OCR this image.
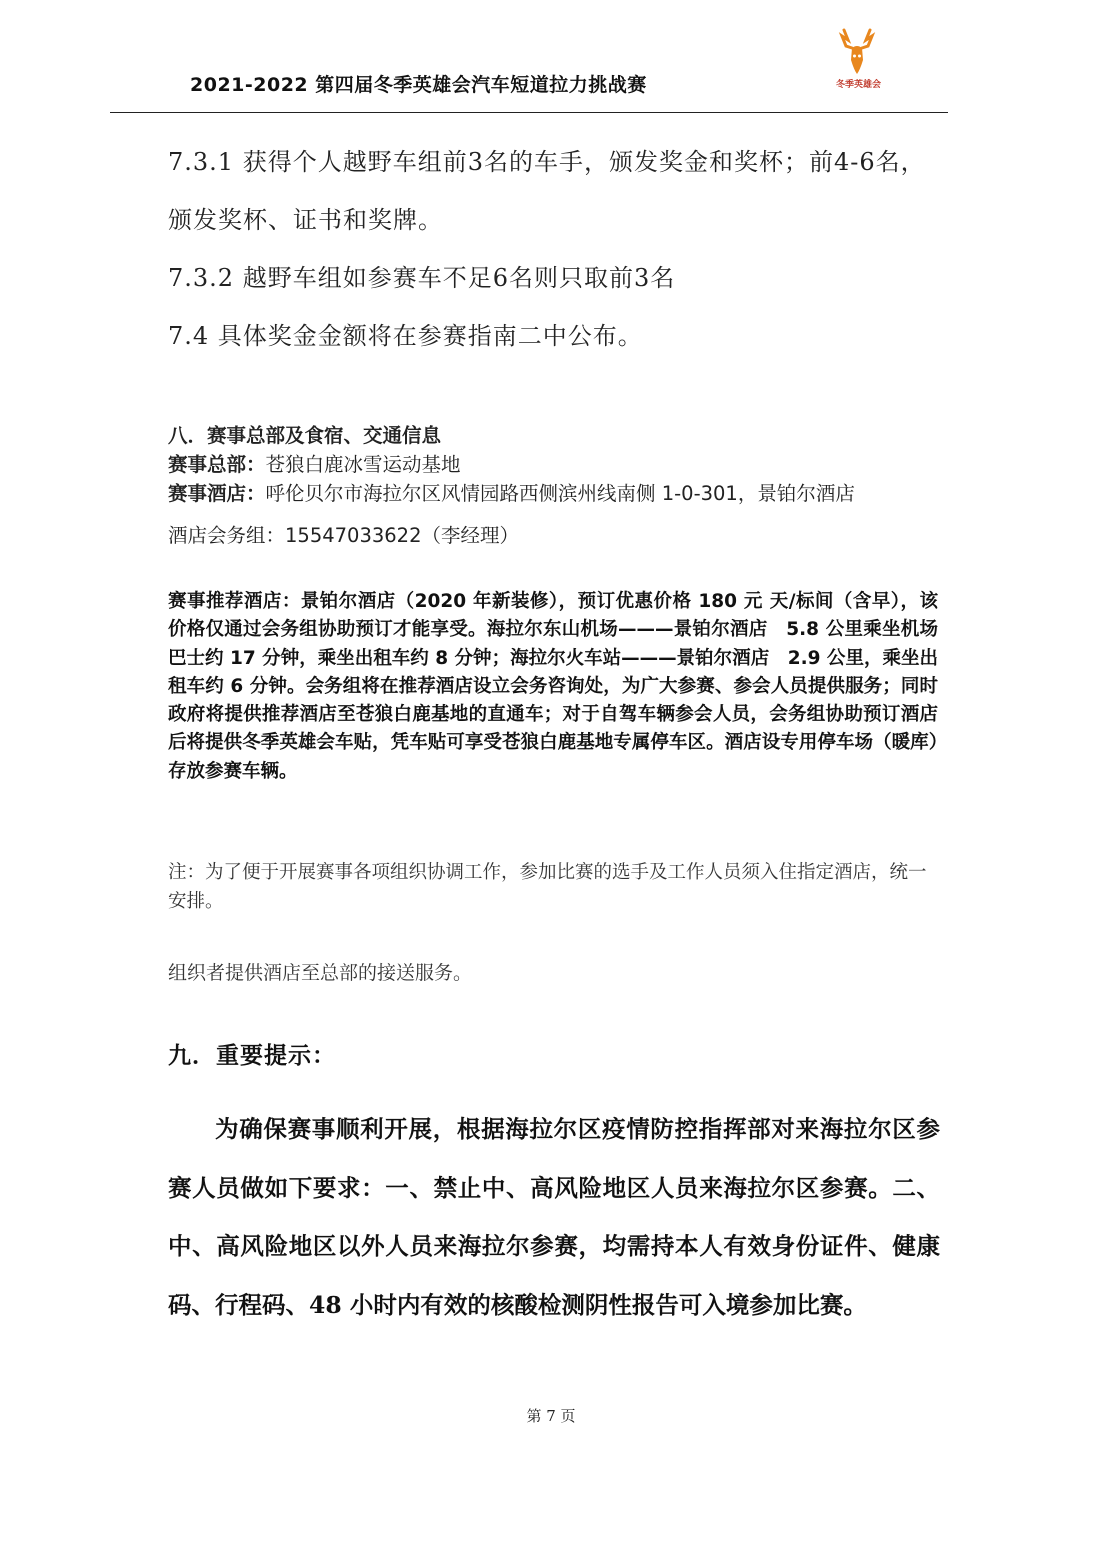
2021-2022 第四届冬季英雄会汽车短道拉力挑战赛	冬季英雄会
7.3.1 获得个人越野车组前3名的车手，颁发奖金和奖杯；前4-6名，
颁发奖杯、证书和奖牌。
7.3.2 越野车组如参赛车不足6名则只取前3名
7.4 具体奖金金额将在参赛指南二中公布。
八．赛事总部及食宿、交通信息
赛事总部：苍狼白鹿冰雪运动基地
赛事酒店：呼伦贝尔市海拉尔区风情园路西侧滨州线南侧 1-0-301，景铂尔酒店
酒店会务组：15547033622（李经理）
赛事推荐酒店：景铂尔酒店（2020 年新装修），预订优惠价格 180 元 天/标间（含早），该价格仅通过会务组协助预订才能享受。海拉尔东山机场———景铂尔酒店　5.8 公里乘坐机场巴士约 17 分钟，乘坐出租车约 8 分钟；海拉尔火车站———景铂尔酒店　2.9 公里，乘坐出租车约 6 分钟。会务组将在推荐酒店设立会务咨询处，为广大参赛、参会人员提供服务；同时政府将提供推荐酒店至苍狼白鹿基地的直通车；对于自驾车辆参会人员，会务组协助预订酒店后将提供冬季英雄会车贴，凭车贴可享受苍狼白鹿基地专属停车区。酒店设专用停车场（暖库）存放参赛车辆。
注：为了便于开展赛事各项组织协调工作，参加比赛的选手及工作人员须入住指定酒店，统一安排。
组织者提供酒店至总部的接送服务。
九．重要提示：
为确保赛事顺利开展，根据海拉尔区疫情防控指挥部对来海拉尔区参赛人员做如下要求：一、禁止中、高风险地区人员来海拉尔区参赛。二、中、高风险地区以外人员来海拉尔参赛，均需持本人有效身份证件、健康码、行程码、48 小时内有效的核酸检测阴性报告可入境参加比赛。
第 7 页
